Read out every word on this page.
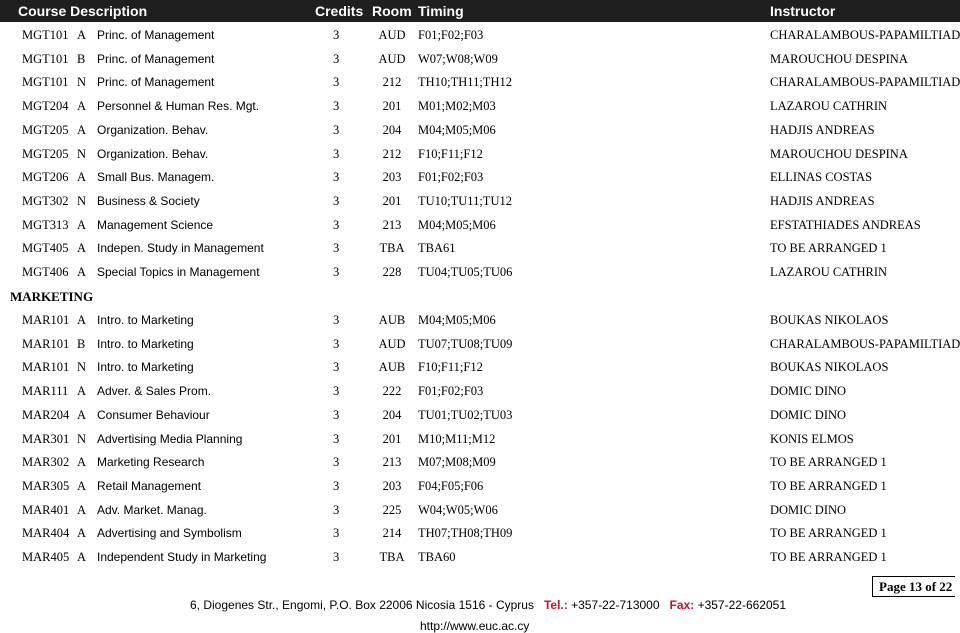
Course Description	Credits Room Timing	Instructor
MGT101 A Princ. of Management	3	AUD F01;F02;F03	CHARALAMBOUS-PAPAMILTIAD
MGT101 B Princ. of Management	3	AUD W07;W08;W09	MAROUCHOU DESPINA
MGT101 N Princ. of Management	3	212	TH10;TH11;TH12	CHARALAMBOUS-PAPAMILTIAD
MGT204 A Personnel & Human Res. Mgt.	3	201	M01;M02;M03	LAZAROU CATHRIN
MGT205 A Organization. Behav.	3	204	M04;M05;M06	HADJIS ANDREAS
MGT205 N Organization. Behav.	3	212	F10;F11;F12	MAROUCHOU DESPINA
MGT206 A Small Bus. Managem.	3	203	F01;F02;F03	ELLINAS COSTAS
MGT302 N Business & Society	3	201	TU10;TU11;TU12	HADJIS ANDREAS
MGT313 A Management Science	3	213	M04;M05;M06	EFSTATHIADES ANDREAS
MGT405 A Indepen. Study in Management	3	TBA	TBA61	TO BE ARRANGED 1
MGT406 A Special Topics in Management	3	228	TU04;TU05;TU06	LAZAROU CATHRIN
MARKETING
MAR101 A Intro. to Marketing	3	AUB	M04;M05;M06	BOUKAS NIKOLAOS
MAR101 B Intro. to Marketing	3	AUD TU07;TU08;TU09	CHARALAMBOUS-PAPAMILTIAD
MAR101 N Intro. to Marketing	3	AUB	F10;F11;F12	BOUKAS NIKOLAOS
MAR111 A Adver. & Sales Prom.	3	222	F01;F02;F03	DOMIC DINO
MAR204 A Consumer Behaviour	3	204	TU01;TU02;TU03	DOMIC DINO
MAR301 N Advertising Media Planning	3	201	M10;M11;M12	KONIS ELMOS
MAR302 A Marketing Research	3	213	M07;M08;M09	TO BE ARRANGED 1
MAR305 A Retail Management	3	203	F04;F05;F06	TO BE ARRANGED 1
MAR401 A Adv. Market. Manag.	3	225	W04;W05;W06	DOMIC DINO
MAR404 A Advertising and Symbolism	3	214	TH07;TH08;TH09	TO BE ARRANGED 1
MAR405 A Independent Study in Marketing	3	TBA	TBA60	TO BE ARRANGED 1
Page 13 of 22
6, Diogenes Str., Engomi, P.O. Box 22006 Nicosia 1516 - Cyprus Tel.: +357-22-713000 Fax: +357-22-662051
http://www.euc.ac.cy
